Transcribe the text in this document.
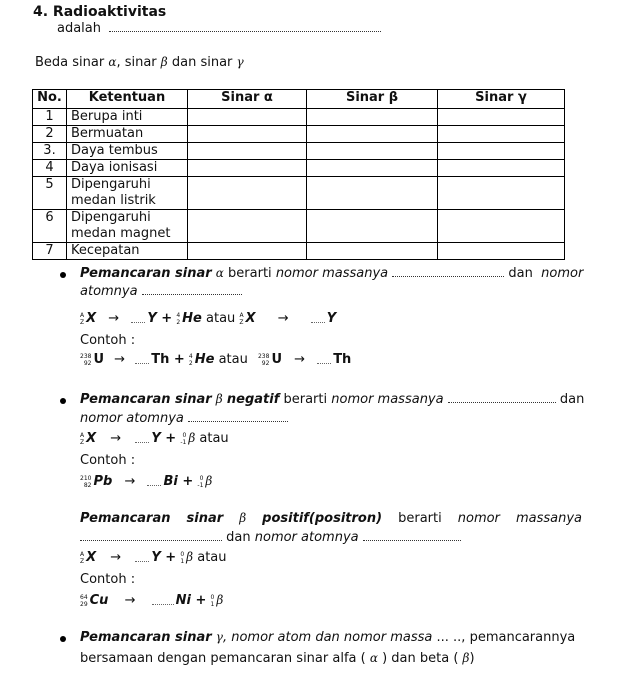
4. Radioaktivitas
adalah
Beda sinar α, sinar β dan sinar γ
No.	Ketentuan	Sinar α	Sinar β	Sinar γ
1	Berupa inti			
2	Bermuatan			
3.	Daya tembus			
4	Daya ionisasi			
5	Dipengaruhi medan listrik			
6	Dipengaruhi medan magnet			
7	Kecepatan			
Pemancaran sinar α berarti nomor massanya	dan nomor
atomnya
A
Z X → Y + 4
2 He atau A
Z X →	Y
Contoh :
238
92 U → Th + 4
2 He atau 238
92 U → Th
Pemancaran sinar β negatif berarti nomor massanya	dan
nomor atomnya
A
Z X → Y +	0
-1 β atau
Contoh :
210
82 Pb → Bi +	0
-1 β
Pemancaran sinar β positif(positron) berarti nomor massanya
dan nomor atomnya
A
Z X → Y + 0
1 β atau
Contoh :
64
29 Cu →	Ni + 0
1 β
Pemancaran sinar γ, nomor atom dan nomor massa ... .., pemancarannya
bersamaan dengan pemancaran sinar alfa ( α ) dan beta ( β)
